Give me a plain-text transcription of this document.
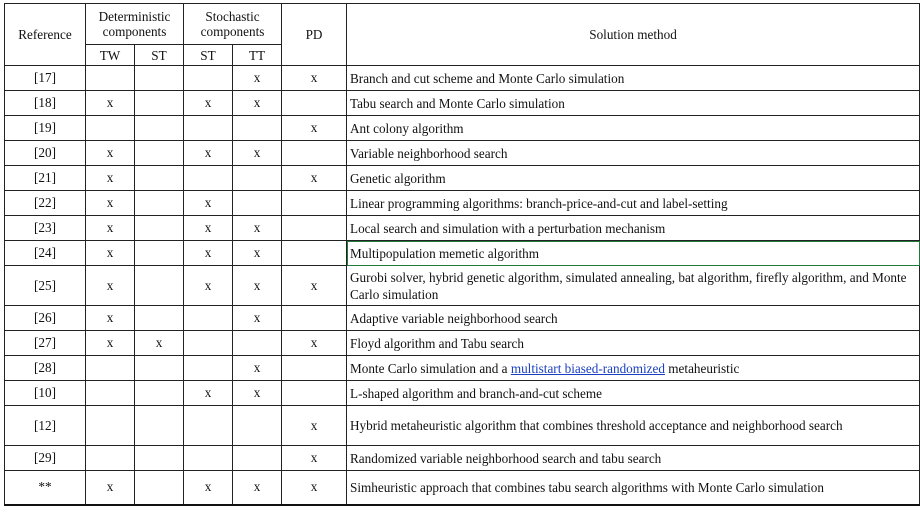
Reference	Deterministic components		Stochastic components		PD	Solution method
	TW	ST	ST	TT		
[17]				x	x	Branch and cut scheme and Monte Carlo simulation
[18]	x		x	x		Tabu search and Monte Carlo simulation
[19]					x	Ant colony algorithm
[20]	x		x	x		Variable neighborhood search
[21]	x				x	Genetic algorithm
[22]	x		x			Linear programming algorithms: branch-price-and-cut and label-setting
[23]	x		x	x		Local search and simulation with a perturbation mechanism
[24]	x		x	x		Multipopulation memetic algorithm
[25]	x		x	x	x	Gurobi solver, hybrid genetic algorithm, simulated annealing, bat algorithm, firefly algorithm, and Monte Carlo simulation
[26]	x			x		Adaptive variable neighborhood search
[27]	x	x			x	Floyd algorithm and Tabu search
[28]				x		Monte Carlo simulation and a multistart biased-randomized metaheuristic
[10]			x	x		L-shaped algorithm and branch-and-cut scheme
[12]					x	Hybrid metaheuristic algorithm that combines threshold acceptance and neighborhood search
[29]					x	Randomized variable neighborhood search and tabu search
**	x		x	x	x	Simheuristic approach that combines tabu search algorithms with Monte Carlo simulation
